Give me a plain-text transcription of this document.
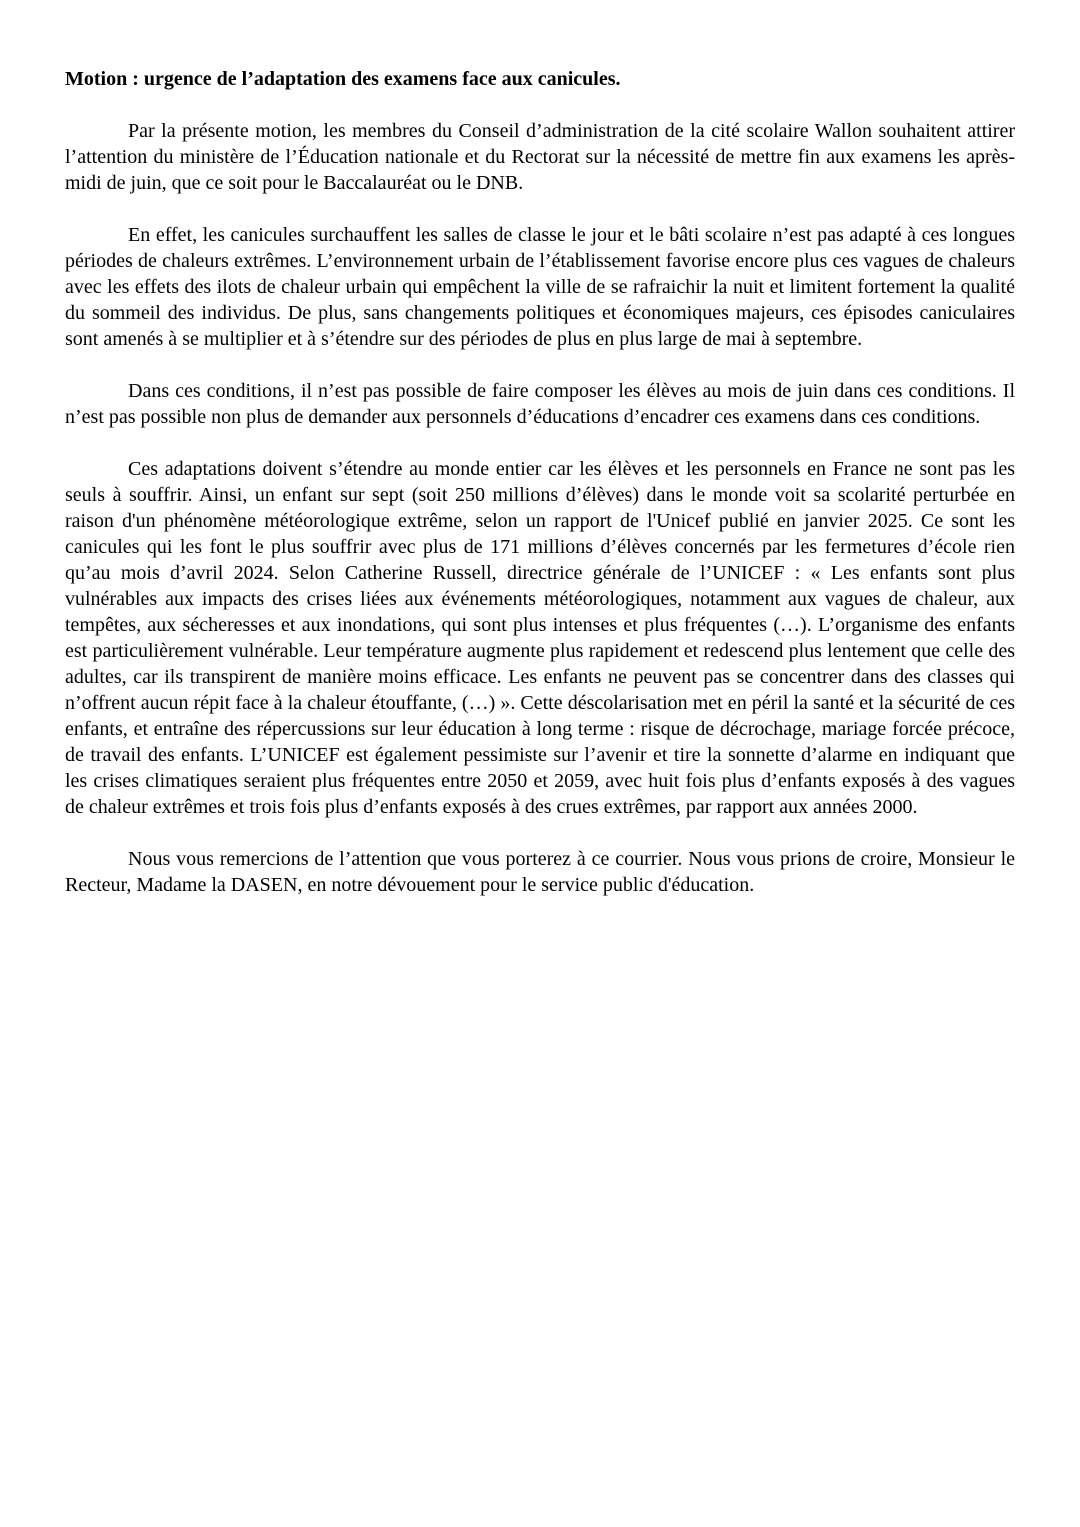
Motion : urgence de l’adaptation des examens face aux canicules.

Par la présente motion, les membres du Conseil d’administration de la cité scolaire Wallon souhaitent attirer l’attention du ministère de l’Éducation nationale et du Rectorat sur la nécessité de mettre fin aux examens les après-midi de juin, que ce soit pour le Baccalauréat ou le DNB.

En effet, les canicules surchauffent les salles de classe le jour et le bâti scolaire n’est pas adapté à ces longues périodes de chaleurs extrêmes. L’environnement urbain de l’établissement favorise encore plus ces vagues de chaleurs avec les effets des ilots de chaleur urbain qui empêchent la ville de se rafraichir la nuit et limitent fortement la qualité du sommeil des individus. De plus, sans changements politiques et économiques majeurs, ces épisodes caniculaires sont amenés à se multiplier et à s’étendre sur des périodes de plus en plus large de mai à septembre.

Dans ces conditions, il n’est pas possible de faire composer les élèves au mois de juin dans ces conditions. Il n’est pas possible non plus de demander aux personnels d’éducations d’encadrer ces examens dans ces conditions.

Ces adaptations doivent s’étendre au monde entier car les élèves et les personnels en France ne sont pas les seuls à souffrir. Ainsi, un enfant sur sept (soit 250 millions d’élèves) dans le monde voit sa scolarité perturbée en raison d'un phénomène météorologique extrême, selon un rapport de l'Unicef publié en janvier 2025. Ce sont les canicules qui les font le plus souffrir avec plus de 171 millions d’élèves concernés par les fermetures d’école rien qu’au mois d’avril 2024. Selon Catherine Russell, directrice générale de l’UNICEF : « Les enfants sont plus vulnérables aux impacts des crises liées aux événements météorologiques, notamment aux vagues de chaleur, aux tempêtes, aux sécheresses et aux inondations, qui sont plus intenses et plus fréquentes (…). L’organisme des enfants est particulièrement vulnérable. Leur température augmente plus rapidement et redescend plus lentement que celle des adultes, car ils transpirent de manière moins efficace. Les enfants ne peuvent pas se concentrer dans des classes qui n’offrent aucun répit face à la chaleur étouffante, (…) ». Cette déscolarisation met en péril la santé et la sécurité de ces enfants, et entraîne des répercussions sur leur éducation à long terme : risque de décrochage, mariage forcée précoce, de travail des enfants. L’UNICEF est également pessimiste sur l’avenir et tire la sonnette d’alarme en indiquant que les crises climatiques seraient plus fréquentes entre 2050 et 2059, avec huit fois plus d’enfants exposés à des vagues de chaleur extrêmes et trois fois plus d’enfants exposés à des crues extrêmes, par rapport aux années 2000.

Nous vous remercions de l’attention que vous porterez à ce courrier. Nous vous prions de croire, Monsieur le Recteur, Madame la DASEN, en notre dévouement pour le service public d'éducation.
